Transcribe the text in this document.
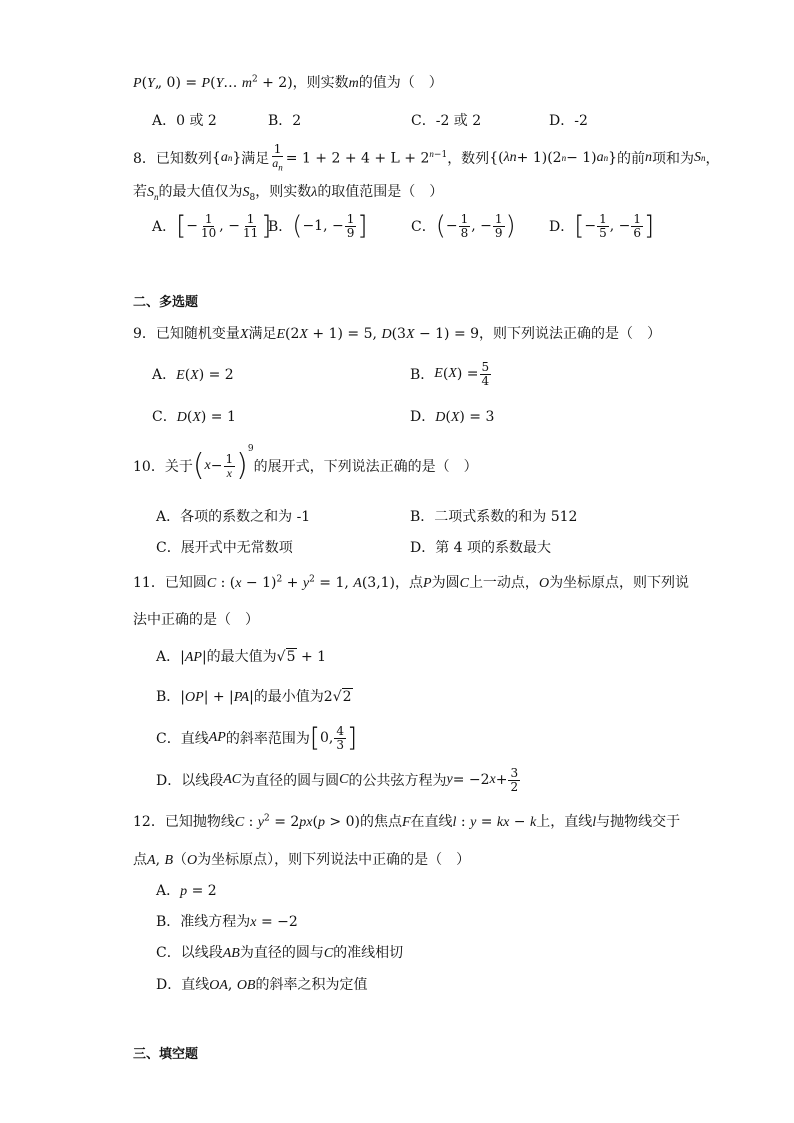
P(Y„ 0) = P(Y… $m^2 + 2$)，则实数m的值为（　）
A．0 或 2	B．2	C．-2 或 2	D．-2
8．已知数列 { a n } 满足 $\frac{1}{a_n} = 1 + 2 + 4 + L + 2^{n-1}$ ，数列 {( λn + 1)(2 n − 1) a n } 的前 n 项和为 S n ，
若$S_n$的最大值仅为$S_8$，则实数λ的取值范围是（　）
A． [ − $\frac{1}{10}$ , − $\frac{1}{11}$ ]
B． ( −1, − $\frac{1}{9}$ ]	C． ( − $\frac{1}{8}$ , − $\frac{1}{9}$ ) D． [ − $\frac{1}{5}$ , − $\frac{1}{6}$ ]
二、多选题
9．已知随机变量X满足E(2X + 1) = 5, D(3X − 1) = 9，则下列说法正确的是（　）
A．E(X) = 2	B． E ( X ) = $\frac{5}{4}$
C．D(X) = 1	D．D(X) = 3
10．关于 ( $x - \frac{1}{x} )^9$
的展开式，下列说法正确的是（　）
A．各项的系数之和为 -1	B．二项式系数的和为 512
C．展开式中无常数项	D．第 4 项的系数最大
11．已知圆C : $(x - 1)^2 + y^2 = 1$, A(3,1)，点P为圆C上一动点，O为坐标原点，则下列说
法中正确的是（　）
A．|AP|的最大值为√5 + 1
B．|OP| + |PA|的最小值为2√2
C． 直线 AP 的斜率范围为 [ 0, $\frac{4}{3}$ ]
D． 以线段 AC 为直径的圆与圆 C 的公共弦方程为 y = −2 $x + \frac{3}{2}$
12．已知抛物线C : $y^2 = 2px(p > 0)$的焦点F在直线l : y = kx − k上，直线l与抛物线交于
点A, B（O为坐标原点），则下列说法中正确的是（　）
A．p = 2
B．准线方程为x = −2
C．以线段AB为直径的圆与C的准线相切
D．直线OA, OB的斜率之积为定值
三、填空题
